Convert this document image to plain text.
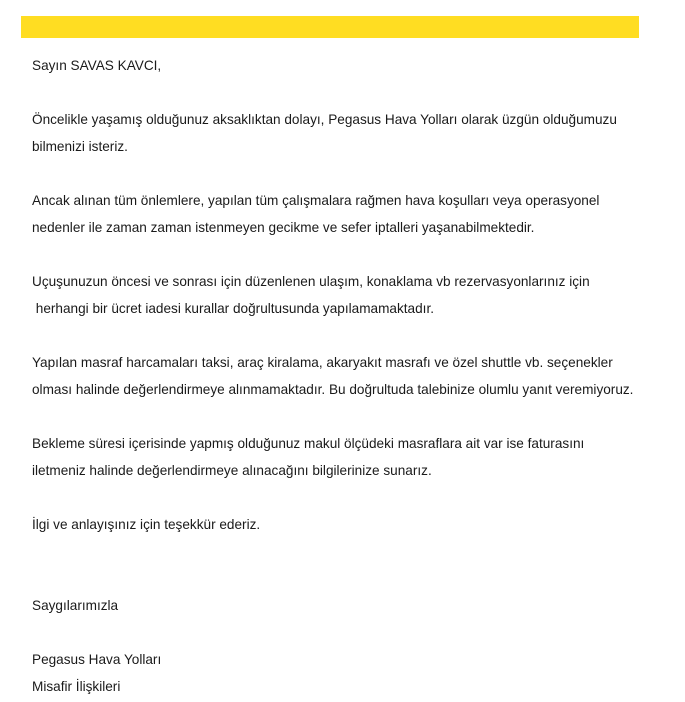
Sayın SAVAS KAVCI,
Öncelikle yaşamış olduğunuz aksaklıktan dolayı, Pegasus Hava Yolları olarak üzgün olduğumuzu
bilmenizi isteriz.
Ancak alınan tüm önlemlere, yapılan tüm çalışmalara rağmen hava koşulları veya operasyonel
nedenler ile zaman zaman istenmeyen gecikme ve sefer iptalleri yaşanabilmektedir.
Uçuşunuzun öncesi ve sonrası için düzenlenen ulaşım, konaklama vb rezervasyonlarınız için
herhangi bir ücret iadesi kurallar doğrultusunda yapılamamaktadır.
Yapılan masraf harcamaları taksi, araç kiralama, akaryakıt masrafı ve özel shuttle vb. seçenekler
olması halinde değerlendirmeye alınmamaktadır. Bu doğrultuda talebinize olumlu yanıt veremiyoruz.
Bekleme süresi içerisinde yapmış olduğunuz makul ölçüdeki masraflara ait var ise faturasını
iletmeniz halinde değerlendirmeye alınacağını bilgilerinize sunarız.
İlgi ve anlayışınız için teşekkür ederiz.
Saygılarımızla
Pegasus Hava Yolları
Misafir İlişkileri
